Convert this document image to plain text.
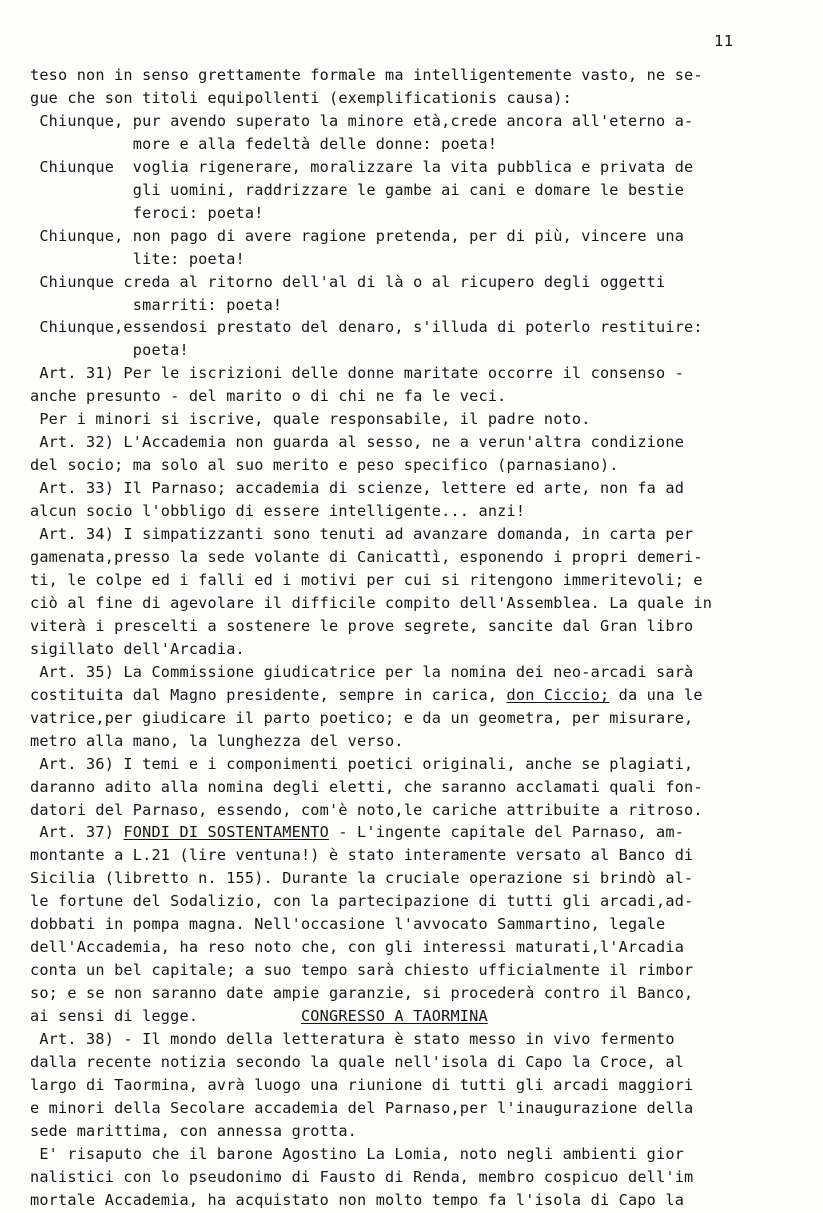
11
teso non in senso grettamente formale ma intelligentemente vasto, ne se-
gue che son titoli equipollenti (exemplificationis causa):
Chiunque, pur avendo superato la minore età,crede ancora all'eterno a-
more e alla fedeltà delle donne: poeta!
Chiunque  voglia rigenerare, moralizzare la vita pubblica e privata de
gli uomini, raddrizzare le gambe ai cani e domare le bestie
feroci: poeta!
Chiunque, non pago di avere ragione pretenda, per di più, vincere una
lite: poeta!
Chiunque creda al ritorno dell'al di là o al ricupero degli oggetti
smarriti: poeta!
Chiunque,essendosi prestato del denaro, s'illuda di poterlo restituire:
poeta!
Art. 31) Per le iscrizioni delle donne maritate occorre il consenso -
anche presunto - del marito o di chi ne fa le veci.
Per i minori si iscrive, quale responsabile, il padre noto.
Art. 32) L'Accademia non guarda al sesso, ne a verun'altra condizione
del socio; ma solo al suo merito e peso specifico (parnasiano).
Art. 33) Il Parnaso; accademia di scienze, lettere ed arte, non fa ad
alcun socio l'obbligo di essere intelligente... anzi!
Art. 34) I simpatizzanti sono tenuti ad avanzare domanda, in carta per
gamenata,presso la sede volante di Canicattì, esponendo i propri demeri-
ti, le colpe ed i falli ed i motivi per cui si ritengono immeritevoli; e
ciò al fine di agevolare il difficile compito dell'Assemblea. La quale in
viterà i prescelti a sostenere le prove segrete, sancite dal Gran libro
sigillato dell'Arcadia.
Art. 35) La Commissione giudicatrice per la nomina dei neo-arcadi sarà
costituita dal Magno presidente, sempre in carica, don Ciccio; da una le
vatrice,per giudicare il parto poetico; e da un geometra, per misurare,
metro alla mano, la lunghezza del verso.
Art. 36) I temi e i componimenti poetici originali, anche se plagiati,
daranno adito alla nomina degli eletti, che saranno acclamati quali fon-
datori del Parnaso, essendo, com'è noto,le cariche attribuite a ritroso.
Art. 37) FONDI DI SOSTENTAMENTO - L'ingente capitale del Parnaso, am-
montante a L.21 (lire ventuna!) è stato interamente versato al Banco di
Sicilia (libretto n. 155). Durante la cruciale operazione si brindò al-
le fortune del Sodalizio, con la partecipazione di tutti gli arcadi,ad-
dobbati in pompa magna. Nell'occasione l'avvocato Sammartino, legale
dell'Accademia, ha reso noto che, con gli interessi maturati,l'Arcadia
conta un bel capitale; a suo tempo sarà chiesto ufficialmente il rimbor
so; e se non saranno date ampie garanzie, si procederà contro il Banco,
ai sensi di legge.           CONGRESSO A TAORMINA
Art. 38) - Il mondo della letteratura è stato messo in vivo fermento
dalla recente notizia secondo la quale nell'isola di Capo la Croce, al
largo di Taormina, avrà luogo una riunione di tutti gli arcadi maggiori
e minori della Secolare accademia del Parnaso,per l'inaugurazione della
sede marittima, con annessa grotta.
E' risaputo che il barone Agostino La Lomia, noto negli ambienti gior
nalistici con lo pseudonimo di Fausto di Renda, membro cospicuo dell'im
mortale Accademia, ha acquistato non molto tempo fa l'isola di Capo la
